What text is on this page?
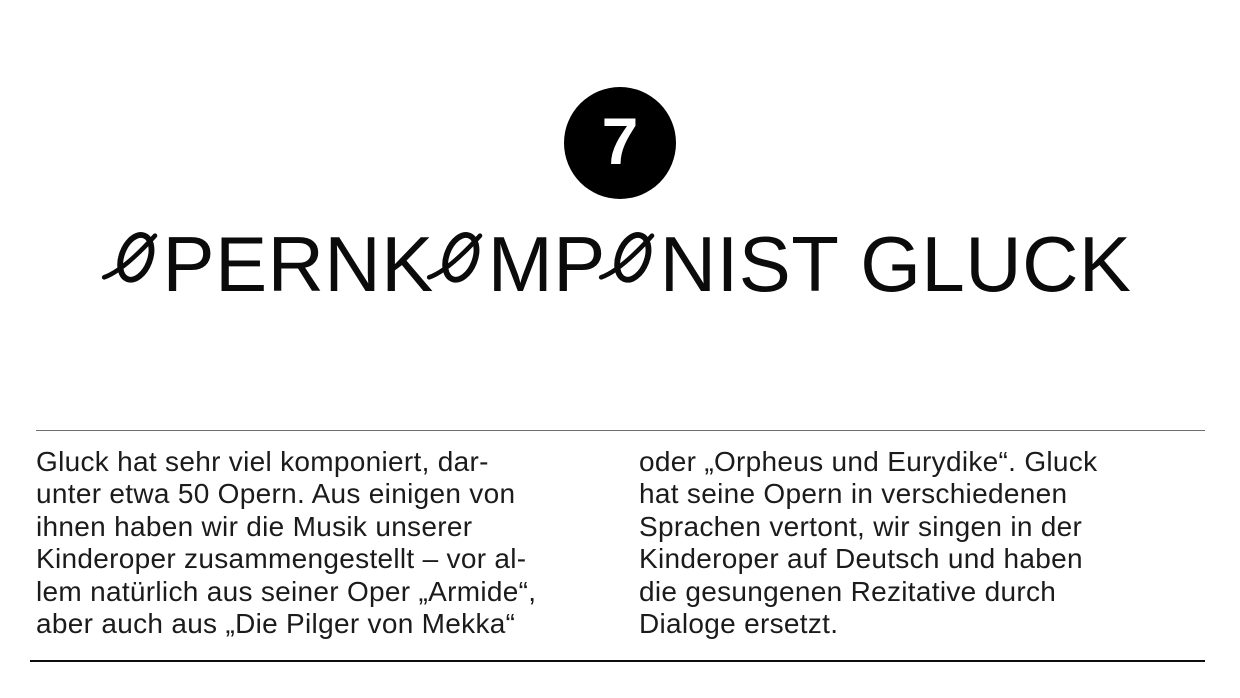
7
PERNK MP NIST GLUCK
Gluck hat sehr viel komponiert, dar-
unter etwa 50 Opern. Aus einigen von
ihnen haben wir die Musik unserer
Kinderoper zusammengestellt – vor al-
lem natürlich aus seiner Oper „Armide“,
aber auch aus „Die Pilger von Mekka“
oder „Orpheus und Eurydike“. Gluck
hat seine Opern in verschiedenen
Sprachen vertont, wir singen in der
Kinderoper auf Deutsch und haben
die gesungenen Rezitative durch
Dialoge ersetzt.
